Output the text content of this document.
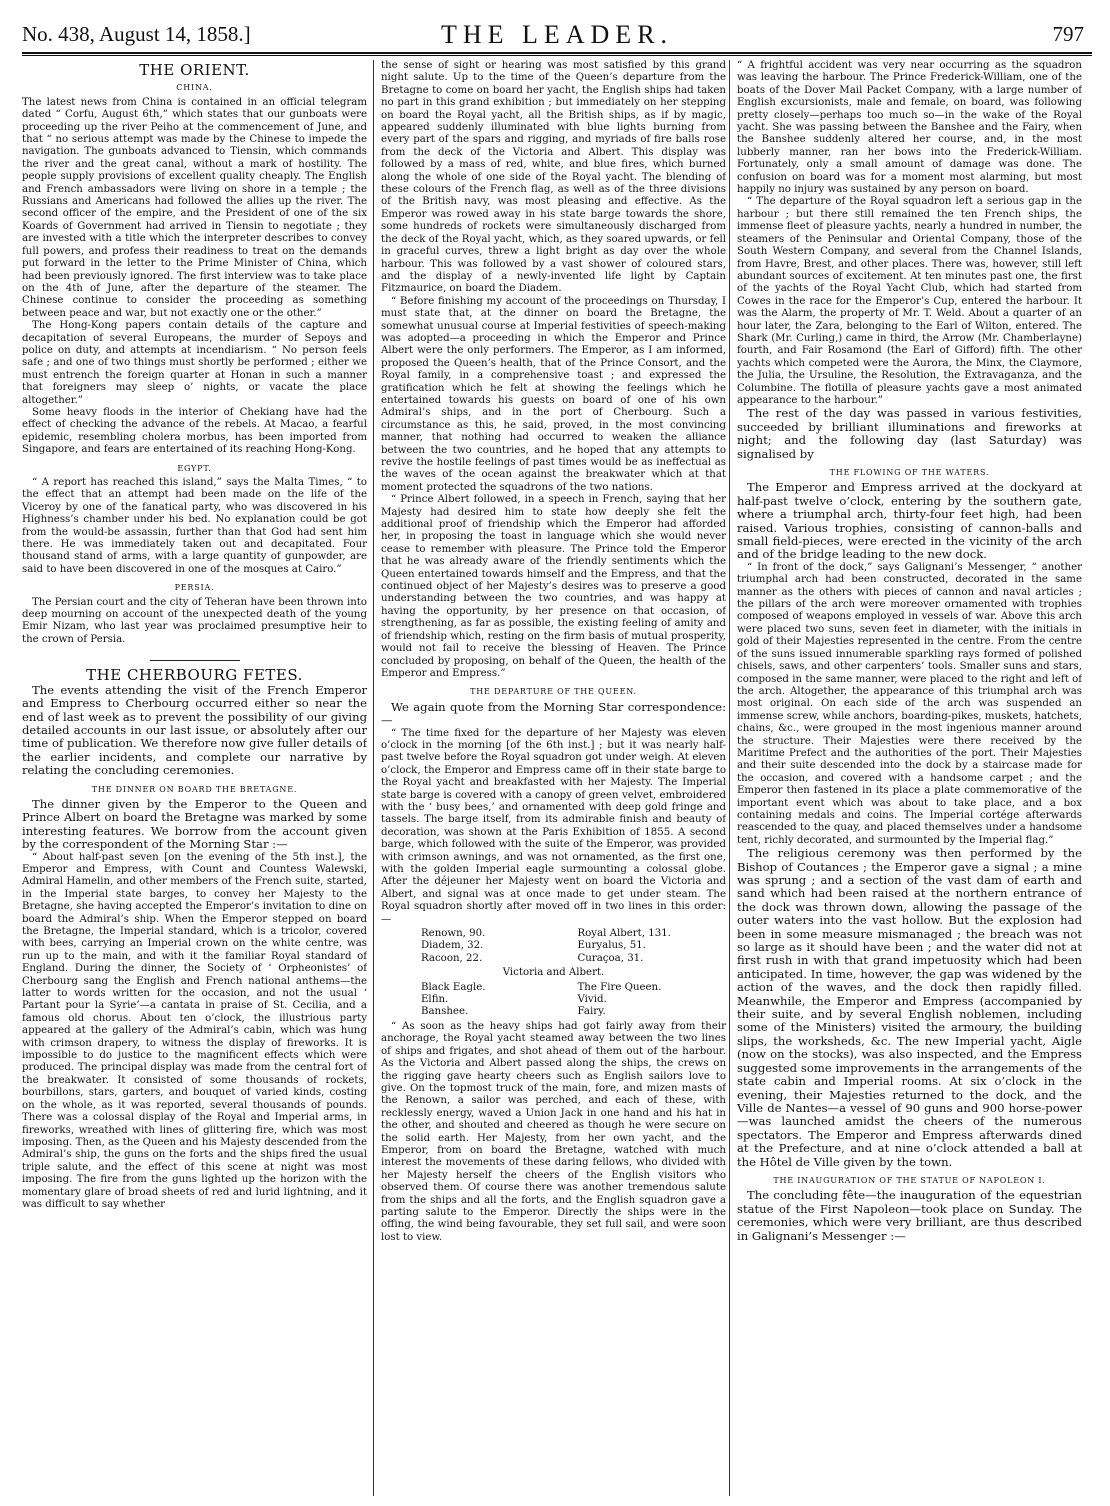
No. 438, August 14, 1858.]	THE LEADER.	797
THE ORIENT.
CHINA.

The latest news from China is contained in an official telegram dated “ Corfu, August 6th,” which states that our gunboats were proceeding up the river Peiho at the commencement of June, and that “ no serious attempt was made by the Chinese to impede the navigation. The gunboats advanced to Tiensin, which commands the river and the great canal, without a mark of hostility. The people supply provisions of excellent quality cheaply. The English and French ambassadors were living on shore in a temple ; the Russians and Americans had followed the allies up the river. The second officer of the empire, and the President of one of the six Koards of Government had arrived in Tiensin to negotiate ; they are invested with a title which the interpreter describes to convey full powers, and profess their readiness to treat on the demands put forward in the letter to the Prime Minister of China, which had been previously ignored. The first interview was to take place on the 4th of June, after the departure of the steamer. The Chinese continue to consider the proceeding as something between peace and war, but not exactly one or the other.”

The Hong-Kong papers contain details of the capture and decapitation of several Europeans, the murder of Sepoys and police on duty, and attempts at incendiarism. “ No person feels safe ; and one of two things must shortly be performed ; either we must entrench the foreign quarter at Honan in such a manner that foreigners may sleep o’ nights, or vacate the place altogether.”

Some heavy floods in the interior of Chekiang have had the effect of checking the advance of the rebels. At Macao, a fearful epidemic, resembling cholera morbus, has been imported from Singapore, and fears are entertained of its reaching Hong-Kong.

EGYPT.

“ A report has reached this island,” says the Malta Times, “ to the effect that an attempt had been made on the life of the Viceroy by one of the fanatical party, who was discovered in his Highness’s chamber under his bed. No explanation could be got from the would-be assassin, further than that God had sent him there. He was immediately taken out and decapitated. Four thousand stand of arms, with a large quantity of gunpowder, are said to have been discovered in one of the mosques at Cairo.”

PERSIA.

The Persian court and the city of Teheran have been thrown into deep mourning on account of the unexpected death of the young Emir Nizam, who last year was proclaimed presumptive heir to the crown of Persia.

THE CHERBOURG FETES.

The events attending the visit of the French Emperor and Empress to Cherbourg occurred either so near the end of last week as to prevent the possibility of our giving detailed accounts in our last issue, or absolutely after our time of publication. We therefore now give fuller details of the earlier incidents, and complete our narrative by relating the concluding ceremonies.

THE DINNER ON BOARD THE BRETAGNE.

The dinner given by the Emperor to the Queen and Prince Albert on board the Bretagne was marked by some interesting features. We borrow from the account given by the correspondent of the Morning Star :—

“ About half-past seven [on the evening of the 5th inst.], the Emperor and Empress, with Count and Countess Walewski, Admiral Hamelin, and other members of the French suite, started, in the Imperial state barges, to convey her Majesty to the Bretagne, she having accepted the Emperor’s invitation to dine on board the Admiral’s ship. When the Emperor stepped on board the Bretagne, the Imperial standard, which is a tricolor, covered with bees, carrying an Imperial crown on the white centre, was run up to the main, and with it the familiar Royal standard of England. During the dinner, the Society of ‘ Orpheonistes’ of Cherbourg sang the English and French national anthems—the latter to words written for the occasion, and not the usual ‘ Partant pour la Syrie’—a cantata in praise of St. Cecilia, and a famous old chorus. About ten o’clock, the illustrious party appeared at the gallery of the Admiral’s cabin, which was hung with crimson drapery, to witness the display of fireworks. It is impossible to do justice to the magnificent effects which were produced. The principal display was made from the central fort of the breakwater. It consisted of some thousands of rockets, bourbillons, stars, garters, and bouquet of varied kinds, costing on the whole, as it was reported, several thousands of pounds. There was a colossal display of the Royal and Imperial arms, in fireworks, wreathed with lines of glittering fire, which was most imposing. Then, as the Queen and his Majesty descended from the Admiral’s ship, the guns on the forts and the ships fired the usual triple salute, and the effect of this scene at night was most imposing. The fire from the guns lighted up the horizon with the momentary glare of broad sheets of red and lurid lightning, and it was difficult to say whether

the sense of sight or hearing was most satisfied by this grand night salute. Up to the time of the Queen’s departure from the Bretagne to come on board her yacht, the English ships had taken no part in this grand exhibition ; but immediately on her stepping on board the Royal yacht, all the British ships, as if by magic, appeared suddenly illuminated with blue lights burning from every part of the spars and rigging, and myriads of fire balls rose from the deck of the Victoria and Albert. This display was followed by a mass of red, white, and blue fires, which burned along the whole of one side of the Royal yacht. The blending of these colours of the French flag, as well as of the three divisions of the British navy, was most pleasing and effective. As the Emperor was rowed away in his state barge towards the shore, some hundreds of rockets were simultaneously discharged from the deck of the Royal yacht, which, as they soared upwards, or fell in graceful curves, threw a light bright as day over the whole harbour. This was followed by a vast shower of coloured stars, and the display of a newly-invented life light by Captain Fitzmaurice, on board the Diadem.

“ Before finishing my account of the proceedings on Thursday, I must state that, at the dinner on board the Bretagne, the somewhat unusual course at Imperial festivities of speech-making was adopted—a proceeding in which the Emperor and Prince Albert were the only performers. The Emperor, as I am informed, proposed the Queen’s health, that of the Prince Consort, and the Royal family, in a comprehensive toast ; and expressed the gratification which he felt at showing the feelings which he entertained towards his guests on board of one of his own Admiral’s ships, and in the port of Cherbourg. Such a circumstance as this, he said, proved, in the most convincing manner, that nothing had occurred to weaken the alliance between the two countries, and he hoped that any attempts to revive the hostile feelings of past times would be as ineffectual as the waves of the ocean against the breakwater which at that moment protected the squadrons of the two nations.

“ Prince Albert followed, in a speech in French, saying that her Majesty had desired him to state how deeply she felt the additional proof of friendship which the Emperor had afforded her, in proposing the toast in language which she would never cease to remember with pleasure. The Prince told the Emperor that he was already aware of the friendly sentiments which the Queen entertained towards himself and the Empress, and that the continued object of her Majesty’s desires was to preserve a good understanding between the two countries, and was happy at having the opportunity, by her presence on that occasion, of strengthening, as far as possible, the existing feeling of amity and of friendship which, resting on the firm basis of mutual prosperity, would not fail to receive the blessing of Heaven. The Prince concluded by proposing, on behalf of the Queen, the health of the Emperor and Empress.”

THE DEPARTURE OF THE QUEEN.

We again quote from the Morning Star correspondence:—

“ The time fixed for the departure of her Majesty was eleven o’clock in the morning [of the 6th inst.] ; but it was nearly half-past twelve before the Royal squadron got under weigh. At eleven o’clock, the Emperor and Empress came off in their state barge to the Royal yacht and breakfasted with her Majesty. The Imperial state barge is covered with a canopy of green velvet, embroidered with the ‘ busy bees,’ and ornamented with deep gold fringe and tassels. The barge itself, from its admirable finish and beauty of decoration, was shown at the Paris Exhibition of 1855. A second barge, which followed with the suite of the Emperor, was provided with crimson awnings, and was not ornamented, as the first one, with the golden Imperial eagle surmounting a colossal globe. After the déjeuner her Majesty went on board the Victoria and Albert, and signal was at once made to get under steam. The Royal squadron shortly after moved off in two lines in this order:—

Renown, 90.	Royal Albert, 131.
Diadem, 32.	Euryalus, 51.
Racoon, 22.	Curaçoa, 31.
Victoria and Albert.
Black Eagle.	The Fire Queen.
Elfin.	Vivid.
Banshee.	Fairy.

“ As soon as the heavy ships had got fairly away from their anchorage, the Royal yacht steamed away between the two lines of ships and frigates, and shot ahead of them out of the harbour. As the Victoria and Albert passed along the ships, the crews on the rigging gave hearty cheers such as English sailors love to give. On the topmost truck of the main, fore, and mizen masts of the Renown, a sailor was perched, and each of these, with recklessly energy, waved a Union Jack in one hand and his hat in the other, and shouted and cheered as though he were secure on the solid earth. Her Majesty, from her own yacht, and the Emperor, from on board the Bretagne, watched with much interest the movements of these daring fellows, who divided with her Majesty herself the cheers of the English visitors who observed them. Of course there was another tremendous salute from the ships and all the forts, and the English squadron gave a parting salute to the Emperor. Directly the ships were in the offing, the wind being favourable, they set full sail, and were soon lost to view.

“ A frightful accident was very near occurring as the squadron was leaving the harbour. The Prince Frederick-William, one of the boats of the Dover Mail Packet Company, with a large number of English excursionists, male and female, on board, was following pretty closely—perhaps too much so—in the wake of the Royal yacht. She was passing between the Banshee and the Fairy, when the Banshee suddenly altered her course, and, in the most lubberly manner, ran her bows into the Frederick-William. Fortunately, only a small amount of damage was done. The confusion on board was for a moment most alarming, but most happily no injury was sustained by any person on board.

“ The departure of the Royal squadron left a serious gap in the harbour ; but there still remained the ten French ships, the immense fleet of pleasure yachts, nearly a hundred in number, the steamers of the Peninsular and Oriental Company, those of the South Western Company, and several from the Channel Islands, from Havre, Brest, and other places. There was, however, still left abundant sources of excitement. At ten minutes past one, the first of the yachts of the Royal Yacht Club, which had started from Cowes in the race for the Emperor’s Cup, entered the harbour. It was the Alarm, the property of Mr. T. Weld. About a quarter of an hour later, the Zara, belonging to the Earl of Wilton, entered. The Shark (Mr. Curling,) came in third, the Arrow (Mr. Chamberlayne) fourth, and Fair Rosamond (the Earl of Gifford) fifth. The other yachts which competed were the Aurora, the Minx, the Claymore, the Julia, the Ursuline, the Resolution, the Extravaganza, and the Columbine. The flotilla of pleasure yachts gave a most animated appearance to the harbour.”

The rest of the day was passed in various festivities, succeeded by brilliant illuminations and fireworks at night; and the following day (last Saturday) was signalised by

THE FLOWING OF THE WATERS.

The Emperor and Empress arrived at the dockyard at half-past twelve o’clock, entering by the southern gate, where a triumphal arch, thirty-four feet high, had been raised. Various trophies, consisting of cannon-balls and small field-pieces, were erected in the vicinity of the arch and of the bridge leading to the new dock.

“ In front of the dock,” says Galignani’s Messenger, “ another triumphal arch had been constructed, decorated in the same manner as the others with pieces of cannon and naval articles ; the pillars of the arch were moreover ornamented with trophies composed of weapons employed in vessels of war. Above this arch were placed two suns, seven feet in diameter, with the initials in gold of their Majesties represented in the centre. From the centre of the suns issued innumerable sparkling rays formed of polished chisels, saws, and other carpenters’ tools. Smaller suns and stars, composed in the same manner, were placed to the right and left of the arch. Altogether, the appearance of this triumphal arch was most original. On each side of the arch was suspended an immense screw, while anchors, boarding-pikes, muskets, hatchets, chains, &c., were grouped in the most ingenious manner around the structure. Their Majesties were there received by the Maritime Prefect and the authorities of the port. Their Majesties and their suite descended into the dock by a staircase made for the occasion, and covered with a handsome carpet ; and the Emperor then fastened in its place a plate commemorative of the important event which was about to take place, and a box containing medals and coins. The Imperial cortége afterwards reascended to the quay, and placed themselves under a handsome tent, richly decorated, and surmounted by the Imperial flag.”

The religious ceremony was then performed by the Bishop of Coutances ; the Emperor gave a signal ; a mine was sprung ; and a section of the vast dam of earth and sand which had been raised at the northern entrance of the dock was thrown down, allowing the passage of the outer waters into the vast hollow. But the explosion had been in some measure mismanaged ; the breach was not so large as it should have been ; and the water did not at first rush in with that grand impetuosity which had been anticipated. In time, however, the gap was widened by the action of the waves, and the dock then rapidly filled. Meanwhile, the Emperor and Empress (accompanied by their suite, and by several English noblemen, including some of the Ministers) visited the armoury, the building slips, the worksheds, &c. The new Imperial yacht, Aigle (now on the stocks), was also inspected, and the Empress suggested some improvements in the arrangements of the state cabin and Imperial rooms. At six o’clock in the evening, their Majesties returned to the dock, and the Ville de Nantes—a vessel of 90 guns and 900 horse-power —was launched amidst the cheers of the numerous spectators. The Emperor and Empress afterwards dined at the Prefecture, and at nine o’clock attended a ball at the Hôtel de Ville given by the town.

THE INAUGURATION OF THE STATUE OF NAPOLEON I.

The concluding fête—the inauguration of the equestrian statue of the First Napoleon—took place on Sunday. The ceremonies, which were very brilliant, are thus described in Galignani’s Messenger :—
